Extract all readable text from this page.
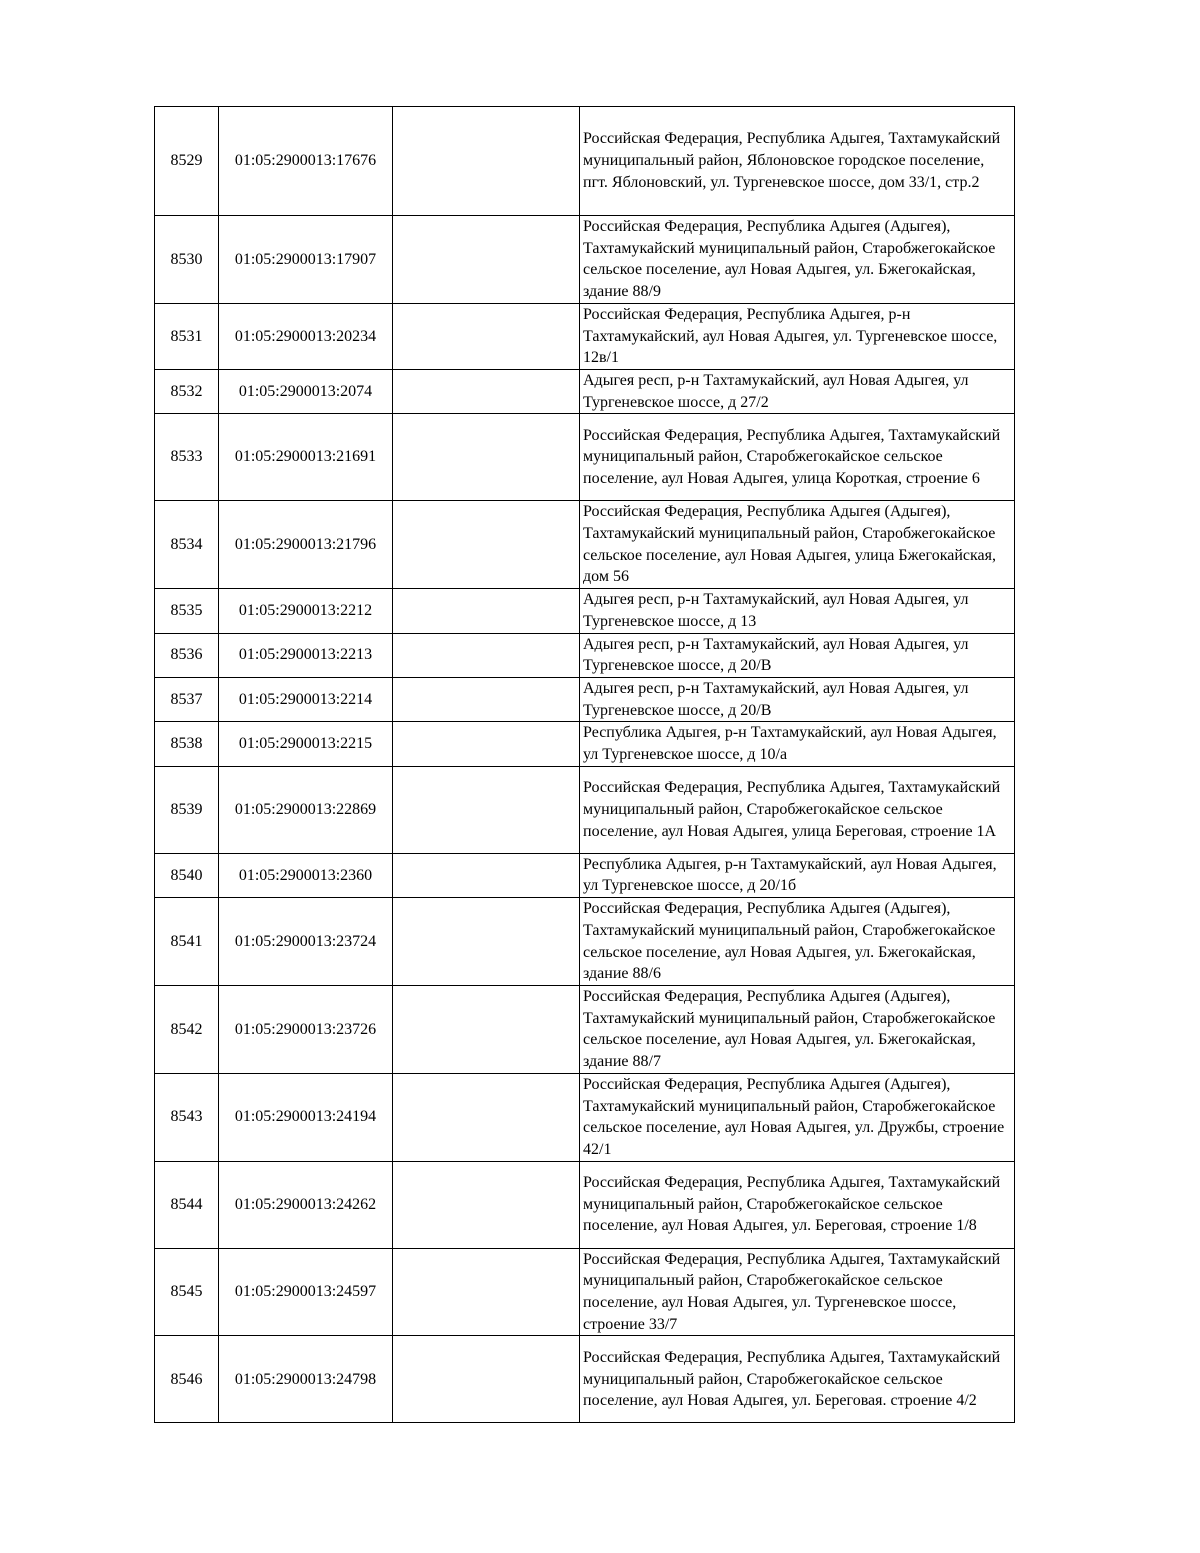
8529	01:05:2900013:17676		Российская Федерация, Республика Адыгея, Тахтамукайский муниципальный район, Яблоновское городское поселение, пгт. Яблоновский, ул. Тургеневское шоссе, дом 33/1, стр.2
8530	01:05:2900013:17907		Российская Федерация, Республика Адыгея (Адыгея), Тахтамукайский муниципальный район, Старобжегокайское сельское поселение, аул Новая Адыгея, ул. Бжегокайская, здание 88/9
8531	01:05:2900013:20234		Российская Федерация, Республика Адыгея, р-н Тахтамукайский, аул Новая Адыгея, ул. Тургеневское шоссе, 12в/1
8532	01:05:2900013:2074		Адыгея респ, р-н Тахтамукайский, аул Новая Адыгея, ул Тургеневское шоссе, д 27/2
8533	01:05:2900013:21691		Российская Федерация, Республика Адыгея, Тахтамукайский муниципальный район, Старобжегокайское сельское поселение, аул Новая Адыгея, улица Короткая, строение 6
8534	01:05:2900013:21796		Российская Федерация, Республика Адыгея (Адыгея), Тахтамукайский муниципальный район, Старобжегокайское сельское поселение, аул Новая Адыгея, улица Бжегокайская, дом 56
8535	01:05:2900013:2212		Адыгея респ, р-н Тахтамукайский, аул Новая Адыгея, ул Тургеневское шоссе, д 13
8536	01:05:2900013:2213		Адыгея респ, р-н Тахтамукайский, аул Новая Адыгея, ул Тургеневское шоссе, д 20/В
8537	01:05:2900013:2214		Адыгея респ, р-н Тахтамукайский, аул Новая Адыгея, ул Тургеневское шоссе, д 20/В
8538	01:05:2900013:2215		Республика Адыгея, р-н Тахтамукайский, аул Новая Адыгея, ул Тургеневское шоссе, д 10/а
8539	01:05:2900013:22869		Российская Федерация, Республика Адыгея, Тахтамукайский муниципальный район, Старобжегокайское сельское поселение, аул Новая Адыгея, улица Береговая, строение 1А
8540	01:05:2900013:2360		Республика Адыгея, р-н Тахтамукайский, аул Новая Адыгея, ул Тургеневское шоссе, д 20/1б
8541	01:05:2900013:23724		Российская Федерация, Республика Адыгея (Адыгея), Тахтамукайский муниципальный район, Старобжегокайское сельское поселение, аул Новая Адыгея, ул. Бжегокайская, здание 88/6
8542	01:05:2900013:23726		Российская Федерация, Республика Адыгея (Адыгея), Тахтамукайский муниципальный район, Старобжегокайское сельское поселение, аул Новая Адыгея, ул. Бжегокайская, здание 88/7
8543	01:05:2900013:24194		Российская Федерация, Республика Адыгея (Адыгея), Тахтамукайский муниципальный район, Старобжегокайское сельское поселение, аул Новая Адыгея, ул. Дружбы, строение 42/1
8544	01:05:2900013:24262		Российская Федерация, Республика Адыгея, Тахтамукайский муниципальный район, Старобжегокайское сельское поселение, аул Новая Адыгея, ул. Береговая, строение 1/8
8545	01:05:2900013:24597		Российская Федерация, Республика Адыгея, Тахтамукайский муниципальный район, Старобжегокайское сельское поселение, аул Новая Адыгея, ул. Тургеневское шоссе, строение 33/7
8546	01:05:2900013:24798		Российская Федерация, Республика Адыгея, Тахтамукайский муниципальный район, Старобжегокайское сельское поселение, аул Новая Адыгея, ул. Береговая. строение 4/2
